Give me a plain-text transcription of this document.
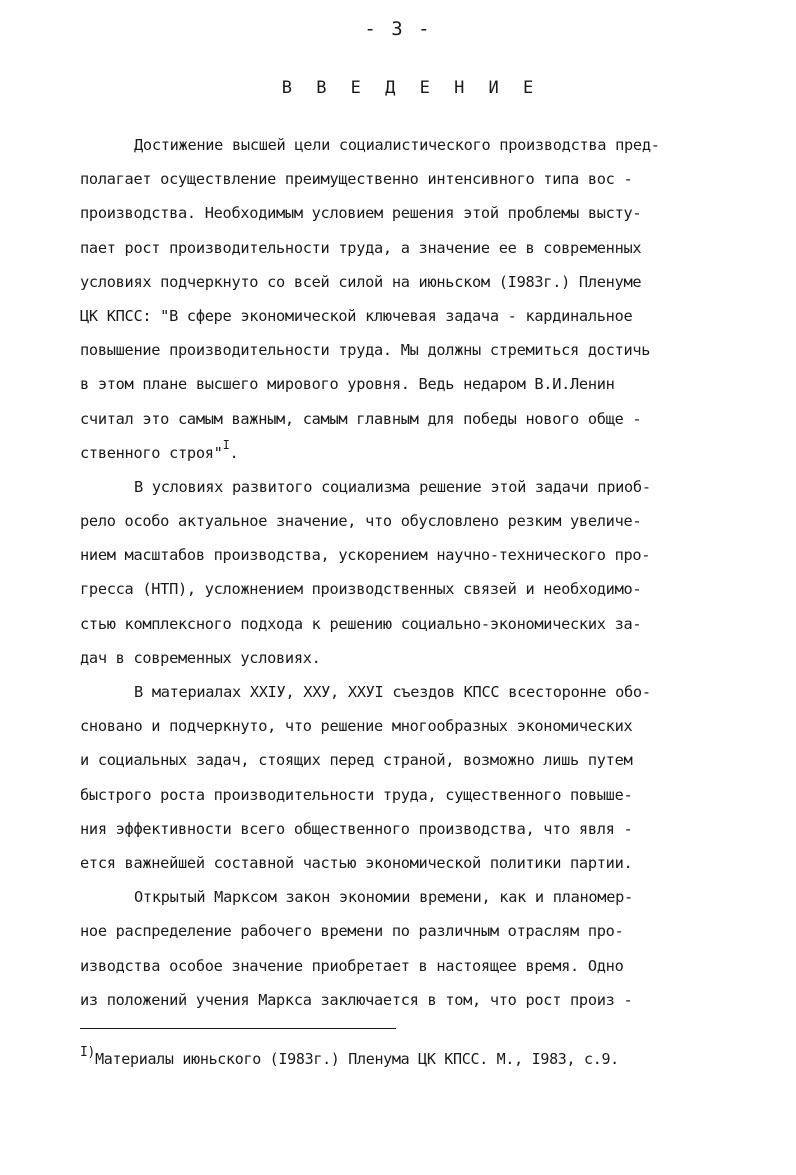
- 3 -
В В Е Д Е Н И Е
Достижение высшей цели социалистического производства пред-
полагает осуществление преимущественно интенсивного типа вос -
производства. Необходимым условием решения этой проблемы высту-
пает рост производительности труда, а значение ее в современных
условиях подчеркнуто со всей силой на июньском (I983г.) Пленуме
ЦК КПСС: "В сфере экономической ключевая задача - кардинальное
повышение производительности труда. Мы должны стремиться достичь
в этом плане высшего мирового уровня. Ведь недаром В.И.Ленин
считал это самым важным, самым главным для победы нового обще -
ственного строя"$^I$.
В условиях развитого социализма решение этой задачи приоб-
рело особо актуальное значение, что обусловлено резким увеличе-
нием масштабов производства, ускорением научно-технического про-
гресса (НТП), усложнением производственных связей и необходимо-
стью комплексного подхода к решению социально-экономических за-
дач в современных условиях.
В материалах XXIУ, XXУ, XXУI съездов КПСС всесторонне обо-
сновано и подчеркнуто, что решение многообразных экономических
и социальных задач, стоящих перед страной, возможно лишь путем
быстрого роста производительности труда, существенного повыше-
ния эффективности всего общественного производства, что явля -
ется важнейшей составной частью экономической политики партии.
Открытый Марксом закон экономии времени, как и планомер-
ное распределение рабочего времени по различным отраслям про-
изводства особое значение приобретает в настоящее время. Одно
из положений учения Маркса заключается в том, что рост произ -
I)Материалы июньского (I983г.) Пленума ЦК КПСС. М., I983, с.9.
